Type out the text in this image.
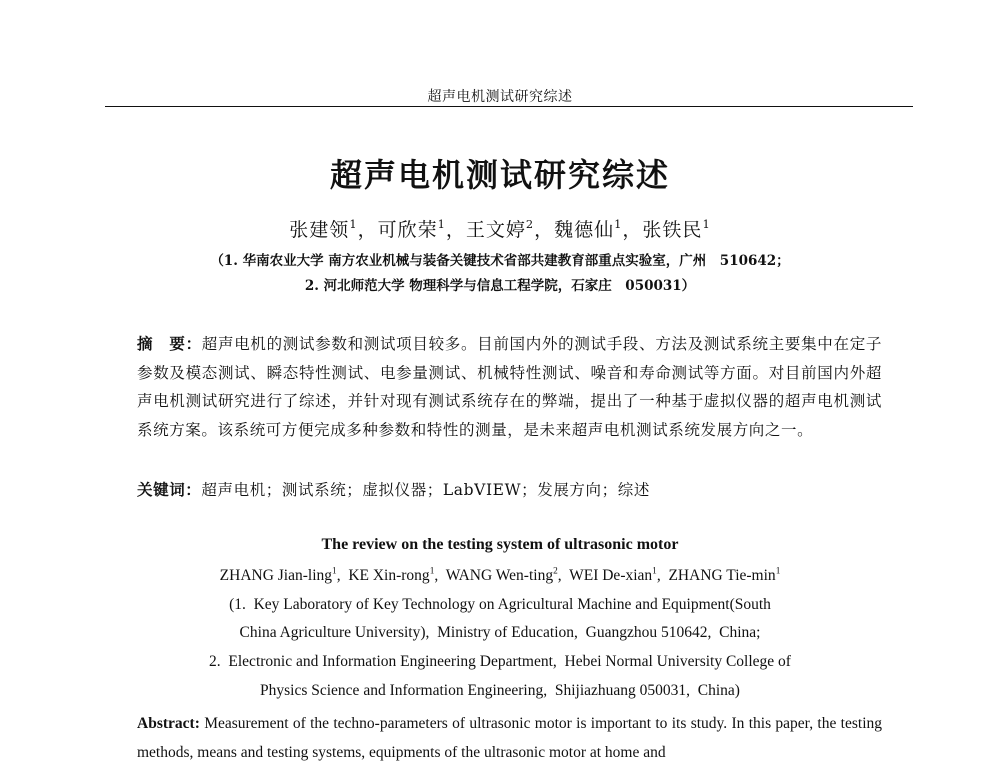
超声电机测试研究综述
超声电机测试研究综述
张建领$^1$，可欣荣$^1$，王文婷$^2$，魏德仙$^1$，张铁民$^1$
（1. 华南农业大学 南方农业机械与装备关键技术省部共建教育部重点实验室，广州　510642；
2. 河北师范大学 物理科学与信息工程学院，石家庄　050031）
摘　要：超声电机的测试参数和测试项目较多。目前国内外的测试手段、方法及测试系统主要集中在定子参数及模态测试、瞬态特性测试、电参量测试、机械特性测试、噪音和寿命测试等方面。对目前国内外超声电机测试研究进行了综述，并针对现有测试系统存在的弊端，提出了一种基于虚拟仪器的超声电机测试系统方案。该系统可方便完成多种参数和特性的测量，是未来超声电机测试系统发展方向之一。
关键词：超声电机；测试系统；虚拟仪器；LabVIEW；发展方向；综述
The review on the testing system of ultrasonic motor
ZHANG Jian-ling$^1$,  KE Xin-rong$^1$,  WANG Wen-ting$^2$,  WEI De-xian$^1$,  ZHANG Tie-$\min^1$
(1.  Key Laboratory of Key Technology on Agricultural Machine and Equipment(South
China Agriculture University),  Ministry of Education,  Guangzhou 510642,  China;
2.  Electronic and Information Engineering Department,  Hebei Normal University College of
Physics Science and Information Engineering,  Shijiazhuang 050031,  China)
Abstract: Measurement of the techno-parameters of ultrasonic motor is important to its study. In this paper, the testing methods, means and testing systems, equipments of the ultrasonic motor at home and
